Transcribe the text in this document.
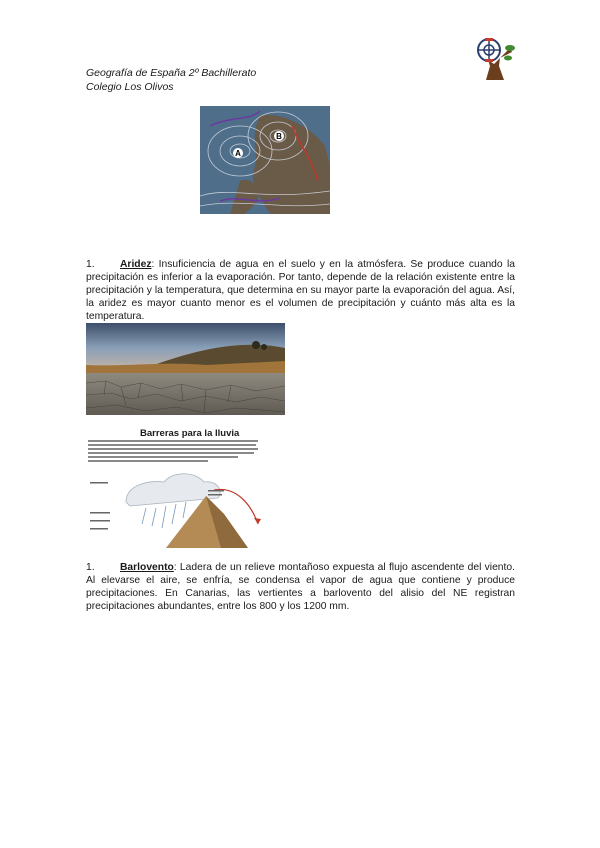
Geografía de España 2º Bachillerato
Colegio Los Olivos
A
B
1. Aridez: Insuficiencia de agua en el suelo y en la atmósfera. Se produce cuando la precipitación es inferior a la evaporación. Por tanto, depende de la relación existente entre la precipitación y la temperatura, que determina en su mayor parte la evaporación del agua. Así, la aridez es mayor cuanto menor es el volumen de precipitación y cuánto más alta es la temperatura.
Barreras para la lluvia
1. Barlovento: Ladera de un relieve montañoso expuesta al flujo ascendente del viento. Al elevarse el aire, se enfría, se condensa el vapor de agua que contiene y produce precipitaciones. En Canarias, las vertientes a barlovento del alisio del NE registran precipitaciones abundantes, entre los 800 y los 1200 mm.
